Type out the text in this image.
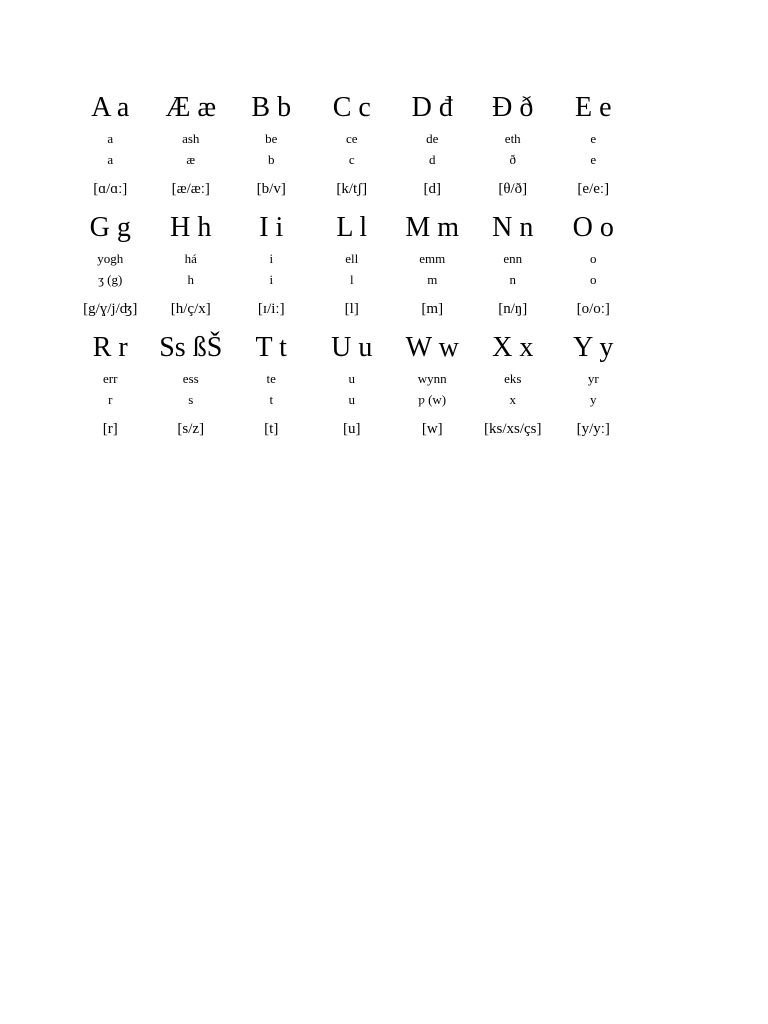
A a
a
a
[ɑ/ɑː]
Æ æ
ash
æ
[æ/æː]
B b
be
b
[b/v]
C c
ce
c
[k/tʃ]
D đ
de
d
[d]
Đ ð
eth
ð
[θ/ð]
E e
e
e
[e/eː]
G g
yogh
ʒ (g)
[g/ɣ/j/ʤ]
H h
há
h
[h/ç/x]
I i
i
i
[ɪ/iː]
L l
ell
l
[l]
M m
emm
m
[m]
N n
enn
n
[n/ŋ]
O o
o
o
[o/oː]
R r
err
r
[r]
Ss ßŠ
ess
s
[s/z]
T t
te
t
[t]
U u
u
u
[u]
W w
wynn
ƿ (w)
[w]
X x
eks
x
[ks/xs/çs]
Y y
yr
y
[y/yː]
